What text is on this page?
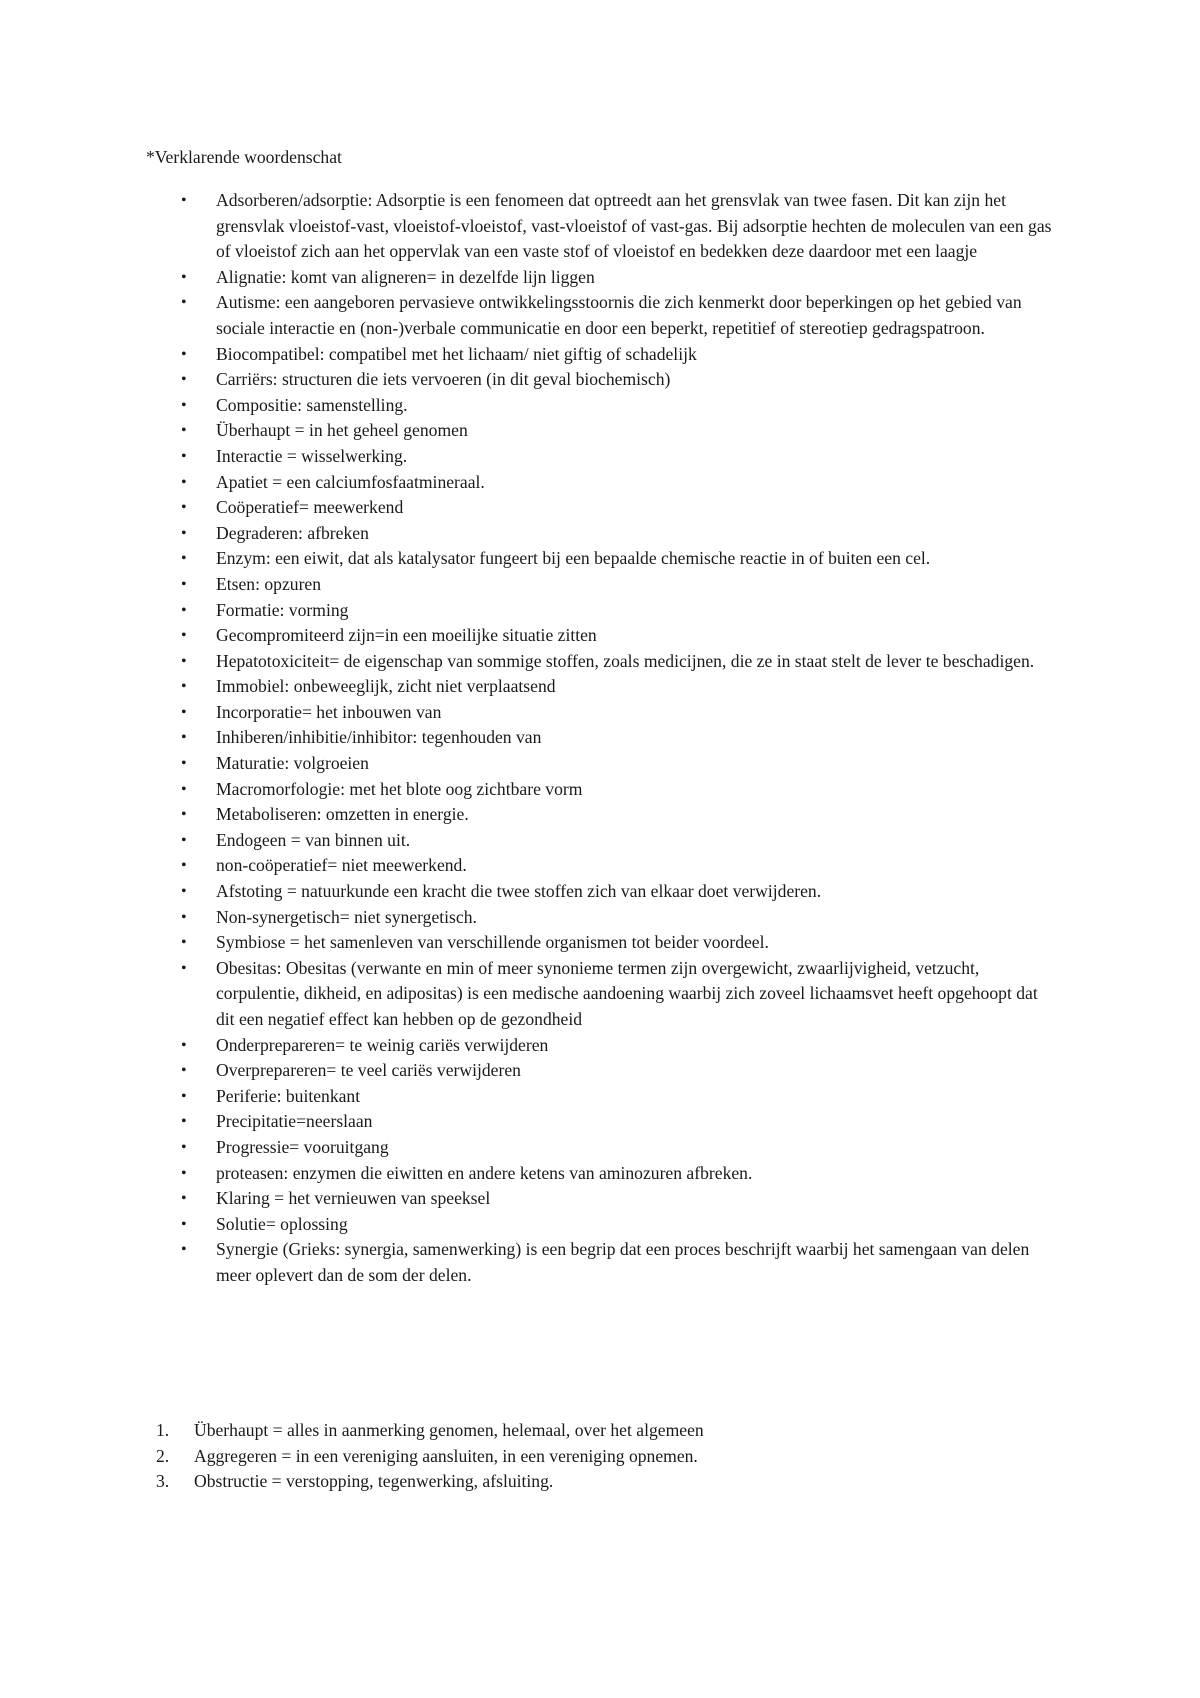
*Verklarende woordenschat
• Adsorberen/adsorptie: Adsorptie is een fenomeen dat optreedt aan het grensvlak van twee fasen. Dit kan zijn het grensvlak vloeistof-vast, vloeistof-vloeistof, vast-vloeistof of vast-gas. Bij adsorptie hechten de moleculen van een gas of vloeistof zich aan het oppervlak van een vaste stof of vloeistof en bedekken deze daardoor met een laagje
• Alignatie: komt van aligneren= in dezelfde lijn liggen
• Autisme: een aangeboren pervasieve ontwikkelingsstoornis die zich kenmerkt door beperkingen op het gebied van sociale interactie en (non-)verbale communicatie en door een beperkt, repetitief of stereotiep gedragspatroon.
• Biocompatibel: compatibel met het lichaam/ niet giftig of schadelijk
• Carriërs: structuren die iets vervoeren (in dit geval biochemisch)
• Compositie: samenstelling.
• Überhaupt = in het geheel genomen
• Interactie = wisselwerking.
• Apatiet = een calciumfosfaatmineraal.
• Coöperatief= meewerkend
• Degraderen: afbreken
• Enzym: een eiwit, dat als katalysator fungeert bij een bepaalde chemische reactie in of buiten een cel.
• Etsen: opzuren
• Formatie: vorming
• Gecompromiteerd zijn=in een moeilijke situatie zitten
• Hepatotoxiciteit= de eigenschap van sommige stoffen, zoals medicijnen, die ze in staat stelt de lever te beschadigen.
• Immobiel: onbeweeglijk, zicht niet verplaatsend
• Incorporatie= het inbouwen van
• Inhiberen/inhibitie/inhibitor: tegenhouden van
• Maturatie: volgroeien
• Macromorfologie: met het blote oog zichtbare vorm
• Metaboliseren: omzetten in energie.
• Endogeen = van binnen uit.
• non-coöperatief= niet meewerkend.
• Afstoting = natuurkunde een kracht die twee stoffen zich van elkaar doet verwijderen.
• Non-synergetisch= niet synergetisch.
• Symbiose = het samenleven van verschillende organismen tot beider voordeel.
• Obesitas: Obesitas (verwante en min of meer synonieme termen zijn overgewicht, zwaarlijvigheid, vetzucht, corpulentie, dikheid, en adipositas) is een medische aandoening waarbij zich zoveel lichaamsvet heeft opgehoopt dat dit een negatief effect kan hebben op de gezondheid
• Onderprepareren= te weinig cariës verwijderen
• Overprepareren= te veel cariës verwijderen
• Periferie: buitenkant
• Precipitatie=neerslaan
• Progressie= vooruitgang
• proteasen: enzymen die eiwitten en andere ketens van aminozuren afbreken.
• Klaring = het vernieuwen van speeksel
• Solutie= oplossing
• Synergie (Grieks: synergia, samenwerking) is een begrip dat een proces beschrijft waarbij het samengaan van delen meer oplevert dan de som der delen.
1. Überhaupt = alles in aanmerking genomen, helemaal, over het algemeen
2. Aggregeren = in een vereniging aansluiten, in een vereniging opnemen.
3. Obstructie = verstopping, tegenwerking, afsluiting.
